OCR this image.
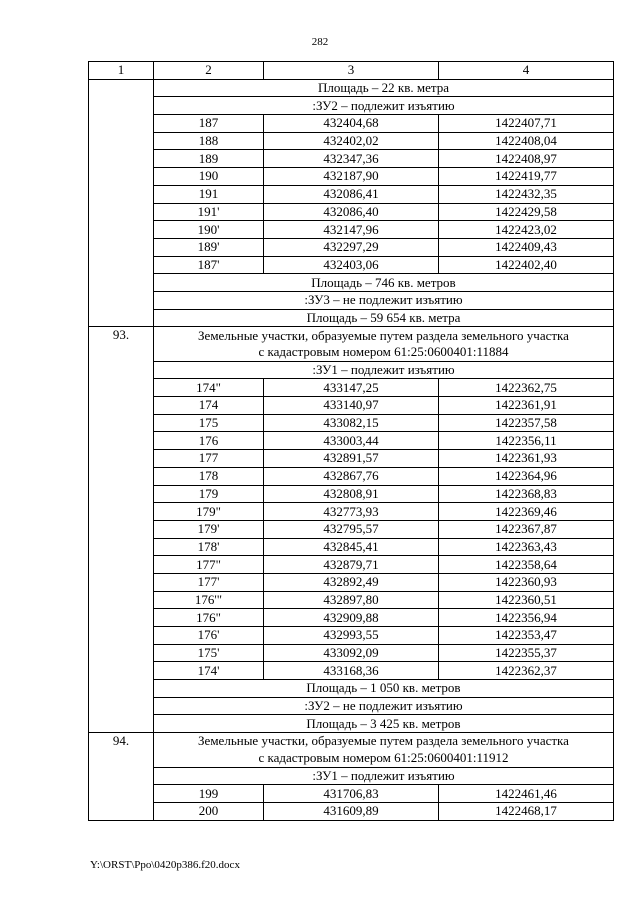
282
1	2	3	4
	Площадь – 22 кв. метра		
	:ЗУ2 – подлежит изъятию		
	187	432404,68	1422407,71
	188	432402,02	1422408,04
	189	432347,36	1422408,97
	190	432187,90	1422419,77
	191	432086,41	1422432,35
	191'	432086,40	1422429,58
	190'	432147,96	1422423,02
	189'	432297,29	1422409,43
	187'	432403,06	1422402,40
	Площадь – 746 кв. метров		
	:ЗУ3 – не подлежит изъятию		
	Площадь – 59 654 кв. метра		
93.	Земельные участки, образуемые путем раздела земельного участка		
	с кадастровым номером 61:25:0600401:11884		
	:ЗУ1 – подлежит изъятию		
	174"	433147,25	1422362,75
	174	433140,97	1422361,91
	175	433082,15	1422357,58
	176	433003,44	1422356,11
	177	432891,57	1422361,93
	178	432867,76	1422364,96
	179	432808,91	1422368,83
	179"	432773,93	1422369,46
	179'	432795,57	1422367,87
	178'	432845,41	1422363,43
	177"	432879,71	1422358,64
	177'	432892,49	1422360,93
	176'"	432897,80	1422360,51
	176"	432909,88	1422356,94
	176'	432993,55	1422353,47
	175'	433092,09	1422355,37
	174'	433168,36	1422362,37
	Площадь – 1 050 кв. метров		
	:ЗУ2 – не подлежит изъятию		
	Площадь – 3 425 кв. метров		
94.	Земельные участки, образуемые путем раздела земельного участка		
	с кадастровым номером 61:25:0600401:11912		
	:ЗУ1 – подлежит изъятию		
	199	431706,83	1422461,46
	200	431609,89	1422468,17
Y:\ORST\Ppo\0420p386.f20.docx
